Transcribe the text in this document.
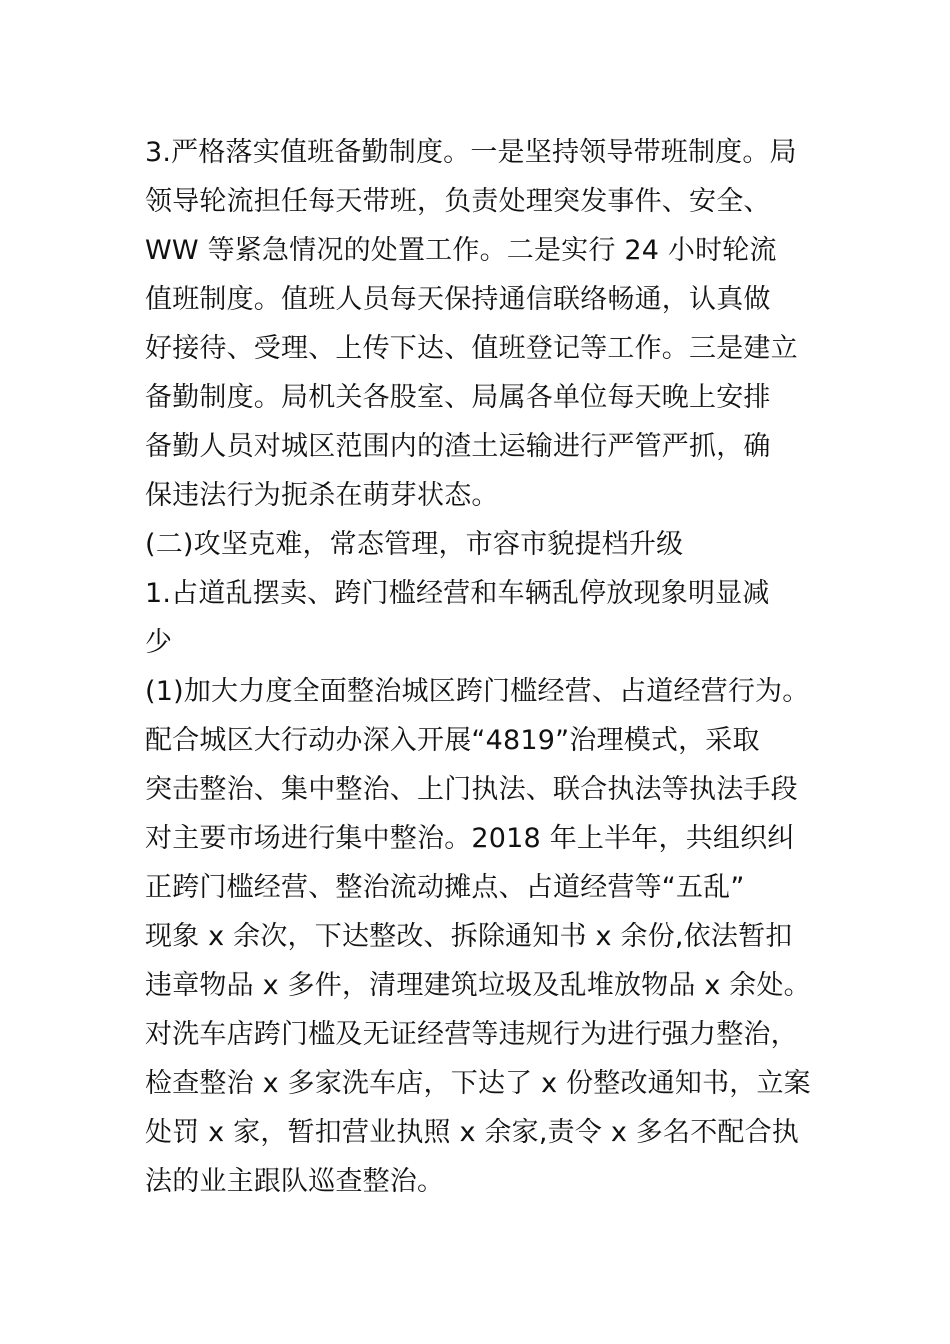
3.严格落实值班备勤制度。一是坚持领导带班制度。局
领导轮流担任每天带班，负责处理突发事件、安全、
WW 等紧急情况的处置工作。二是实行 24 小时轮流
值班制度。值班人员每天保持通信联络畅通，认真做
好接待、受理、上传下达、值班登记等工作。三是建立
备勤制度。局机关各股室、局属各单位每天晚上安排
备勤人员对城区范围内的渣土运输进行严管严抓，确
保违法行为扼杀在萌芽状态。
(二)攻坚克难，常态管理，市容市貌提档升级
1.占道乱摆卖、跨门槛经营和车辆乱停放现象明显减
少
(1)加大力度全面整治城区跨门槛经营、占道经营行为。
配合城区大行动办深入开展“4819”治理模式，采取
突击整治、集中整治、上门执法、联合执法等执法手段
对主要市场进行集中整治。2018 年上半年，共组织纠
正跨门槛经营、整治流动摊点、占道经营等“五乱”
现象 x 余次，下达整改、拆除通知书 x 余份,依法暂扣
违章物品 x 多件，清理建筑垃圾及乱堆放物品 x 余处。
对洗车店跨门槛及无证经营等违规行为进行强力整治，
检查整治 x 多家洗车店，下达了 x 份整改通知书，立案
处罚 x 家，暂扣营业执照 x 余家,责令 x 多名不配合执
法的业主跟队巡查整治。
